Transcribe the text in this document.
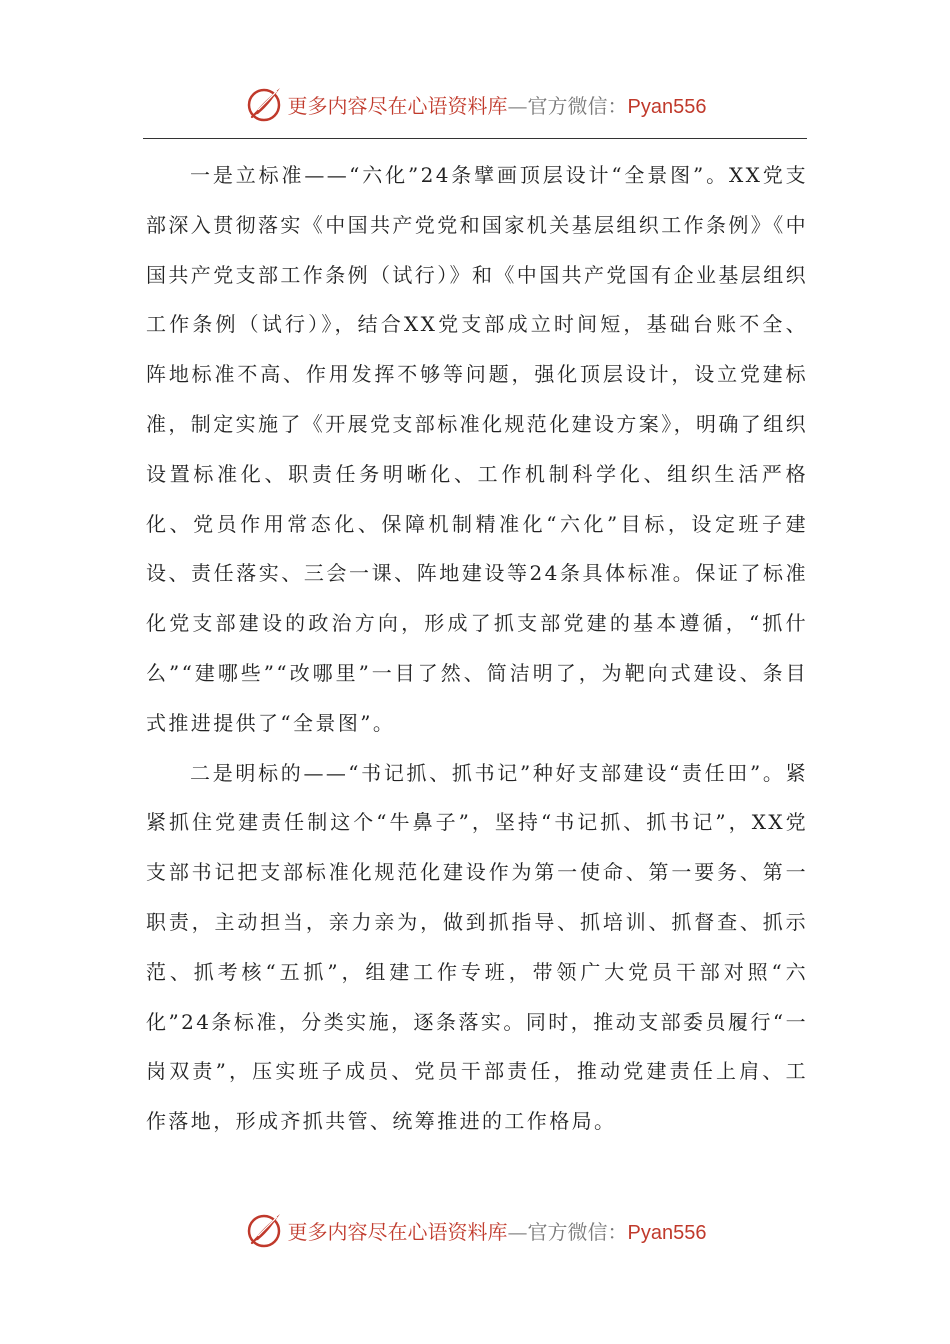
更多内容尽在心语资料库—官方微信：Pyan556

一是立标准——“六化”24条擘画顶层设计“全景图”。XX党支部深入贯彻落实《中国共产党党和国家机关基层组织工作条例》《中国共产党支部工作条例（试行）》和《中国共产党国有企业基层组织工作条例（试行）》，结合XX党支部成立时间短，基础台账不全、阵地标准不高、作用发挥不够等问题，强化顶层设计，设立党建标准，制定实施了《开展党支部标准化规范化建设方案》，明确了组织设置标准化、职责任务明晰化、工作机制科学化、组织生活严格化、党员作用常态化、保障机制精准化“六化”目标，设定班子建设、责任落实、三会一课、阵地建设等24条具体标准。保证了标准化党支部建设的政治方向，形成了抓支部党建的基本遵循，“抓什么”“建哪些”“改哪里”一目了然、简洁明了，为靶向式建设、条目式推进提供了“全景图”。

二是明标的——“书记抓、抓书记”种好支部建设“责任田”。紧紧抓住党建责任制这个“牛鼻子”，坚持“书记抓、抓书记”，XX党支部书记把支部标准化规范化建设作为第一使命、第一要务、第一职责，主动担当，亲力亲为，做到抓指导、抓培训、抓督查、抓示范、抓考核“五抓”，组建工作专班，带领广大党员干部对照“六化”24条标准，分类实施，逐条落实。同时，推动支部委员履行“一岗双责”，压实班子成员、党员干部责任，推动党建责任上肩、工作落地，形成齐抓共管、统筹推进的工作格局。

更多内容尽在心语资料库—官方微信：Pyan556
